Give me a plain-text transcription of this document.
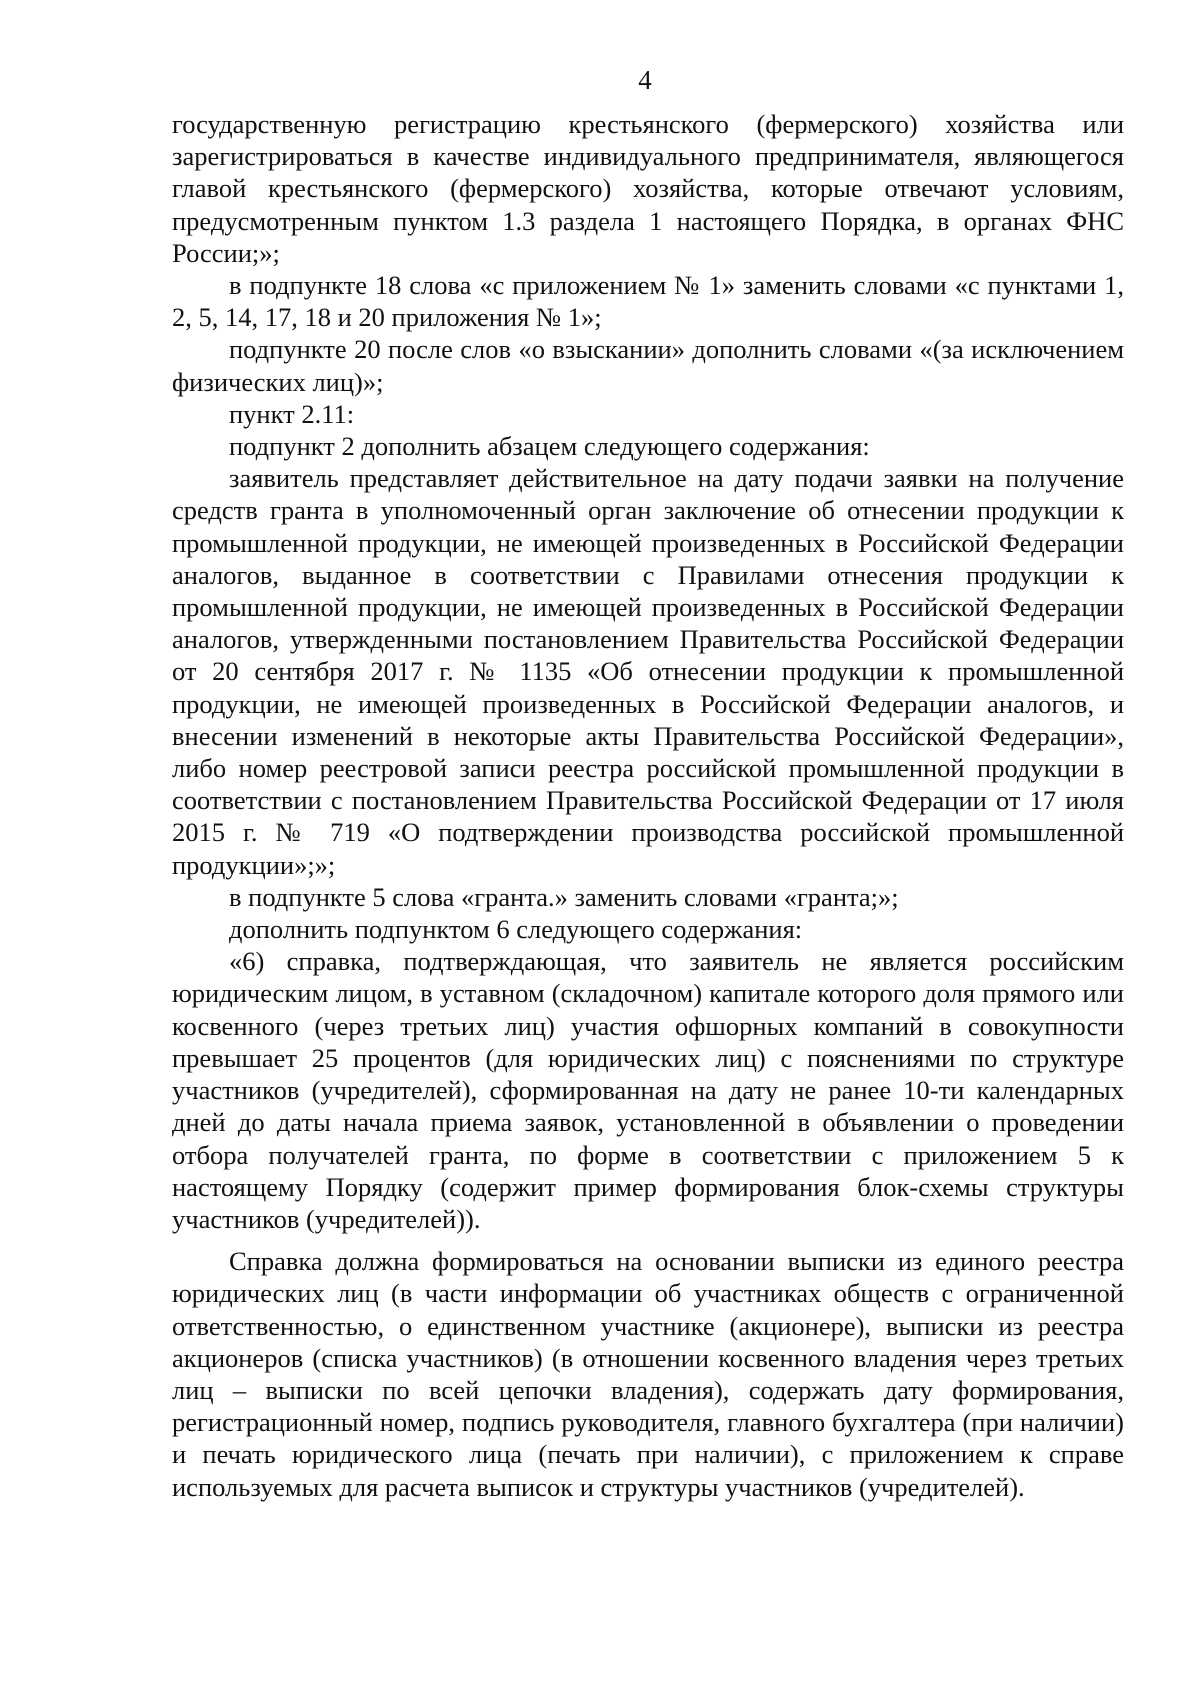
4

государственную регистрацию крестьянского (фермерского) хозяйства или зарегистрироваться в качестве индивидуального предпринимателя, являющегося главой крестьянского (фермерского) хозяйства, которые отвечают условиям, предусмотренным пунктом 1.3 раздела 1 настоящего Порядка, в органах ФНС России;»;

в подпункте 18 слова «с приложением № 1» заменить словами «с пунктами 1, 2, 5, 14, 17, 18 и 20 приложения № 1»;

подпункте 20 после слов «о взыскании» дополнить словами «(за исключением физических лиц)»;

пункт 2.11:

подпункт 2 дополнить абзацем следующего содержания:

заявитель представляет действительное на дату подачи заявки на получение средств гранта в уполномоченный орган заключение об отнесении продукции к промышленной продукции, не имеющей произведенных в Российской Федерации аналогов, выданное в соответствии с Правилами отнесения продукции к промышленной продукции, не имеющей произведенных в Российской Федерации аналогов, утвержденными постановлением Правительства Российской Федерации от 20 сентября 2017 г. № 1135 «Об отнесении продукции к промышленной продукции, не имеющей произведенных в Российской Федерации аналогов, и внесении изменений в некоторые акты Правительства Российской Федерации», либо номер реестровой записи реестра российской промышленной продукции в соответствии с постановлением Правительства Российской Федерации от 17 июля 2015 г. № 719 «О подтверждении производства российской промышленной продукции»;»;

в подпункте 5 слова «гранта.» заменить словами «гранта;»;

дополнить подпунктом 6 следующего содержания:

«6) справка, подтверждающая, что заявитель не является российским юридическим лицом, в уставном (складочном) капитале которого доля прямого или косвенного (через третьих лиц) участия офшорных компаний в совокупности превышает 25 процентов (для юридических лиц) с пояснениями по структуре участников (учредителей), сформированная на дату не ранее 10-ти календарных дней до даты начала приема заявок, установленной в объявлении о проведении отбора получателей гранта, по форме в соответствии с приложением 5 к настоящему Порядку (содержит пример формирования блок-схемы структуры участников (учредителей)).

Справка должна формироваться на основании выписки из единого реестра юридических лиц (в части информации об участниках обществ с ограниченной ответственностью, о единственном участнике (акционере), выписки из реестра акционеров (списка участников) (в отношении косвенного владения через третьих лиц – выписки по всей цепочки владения), содержать дату формирования, регистрационный номер, подпись руководителя, главного бухгалтера (при наличии) и печать юридического лица (печать при наличии), с приложением к справе используемых для расчета выписок и структуры участников (учредителей).
